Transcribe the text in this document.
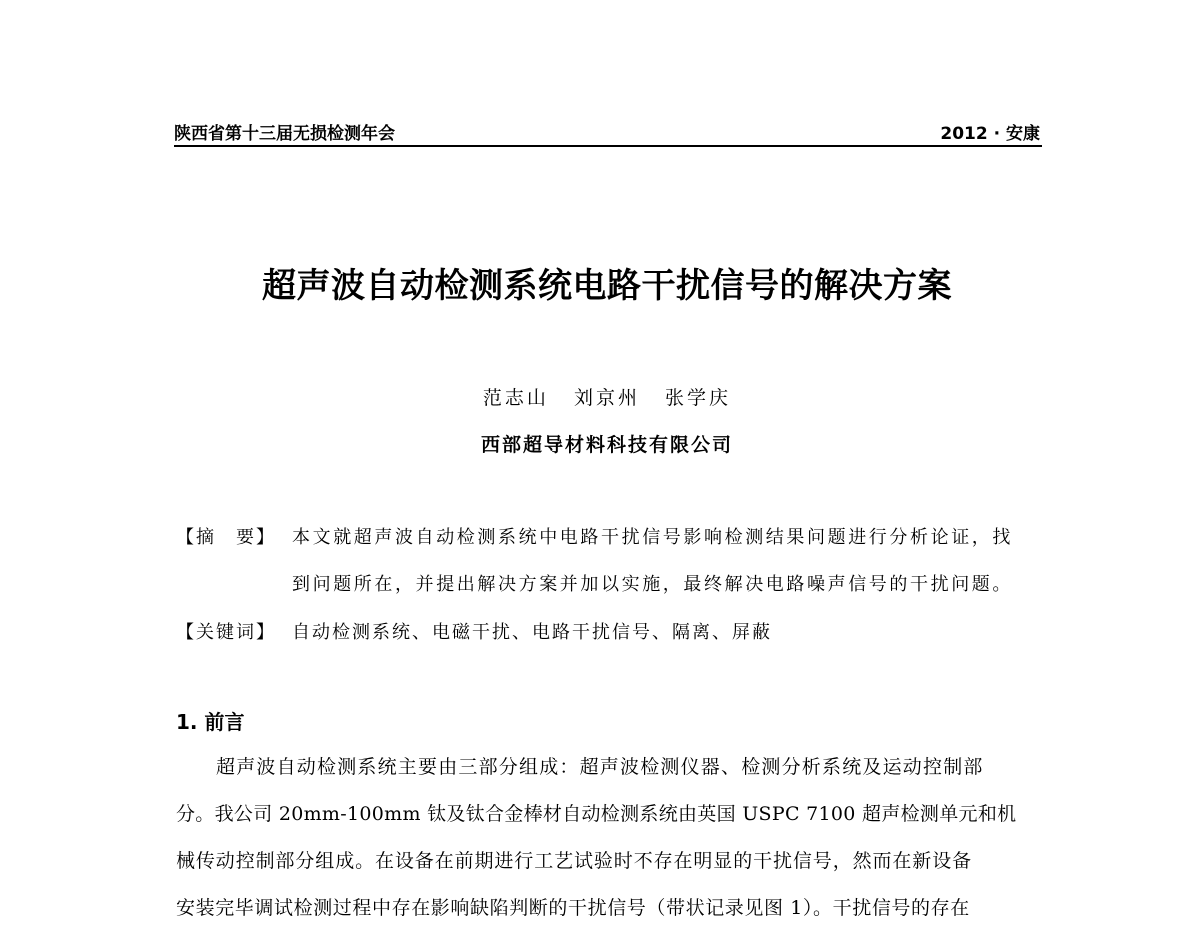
陕西省第十三届无损检测年会	2012 · 安康
超声波自动检测系统电路干扰信号的解决方案
范志山 刘京州 张学庆
西部超导材料科技有限公司
【摘　要】 本文就超声波自动检测系统中电路干扰信号影响检测结果问题进行分析论证，找
到问题所在，并提出解决方案并加以实施，最终解决电路噪声信号的干扰问题。
【关键词】 自动检测系统、电磁干扰、电路干扰信号、隔离、屏蔽
1. 前言
超声波自动检测系统主要由三部分组成：超声波检测仪器、检测分析系统及运动控制部
分。我公司 20mm-100mm 钛及钛合金棒材自动检测系统由英国 USPC 7100 超声检测单元和机
械传动控制部分组成。在设备在前期进行工艺试验时不存在明显的干扰信号，然而在新设备
安装完毕调试检测过程中存在影响缺陷判断的干扰信号（带状记录见图 1）。干扰信号的存在
